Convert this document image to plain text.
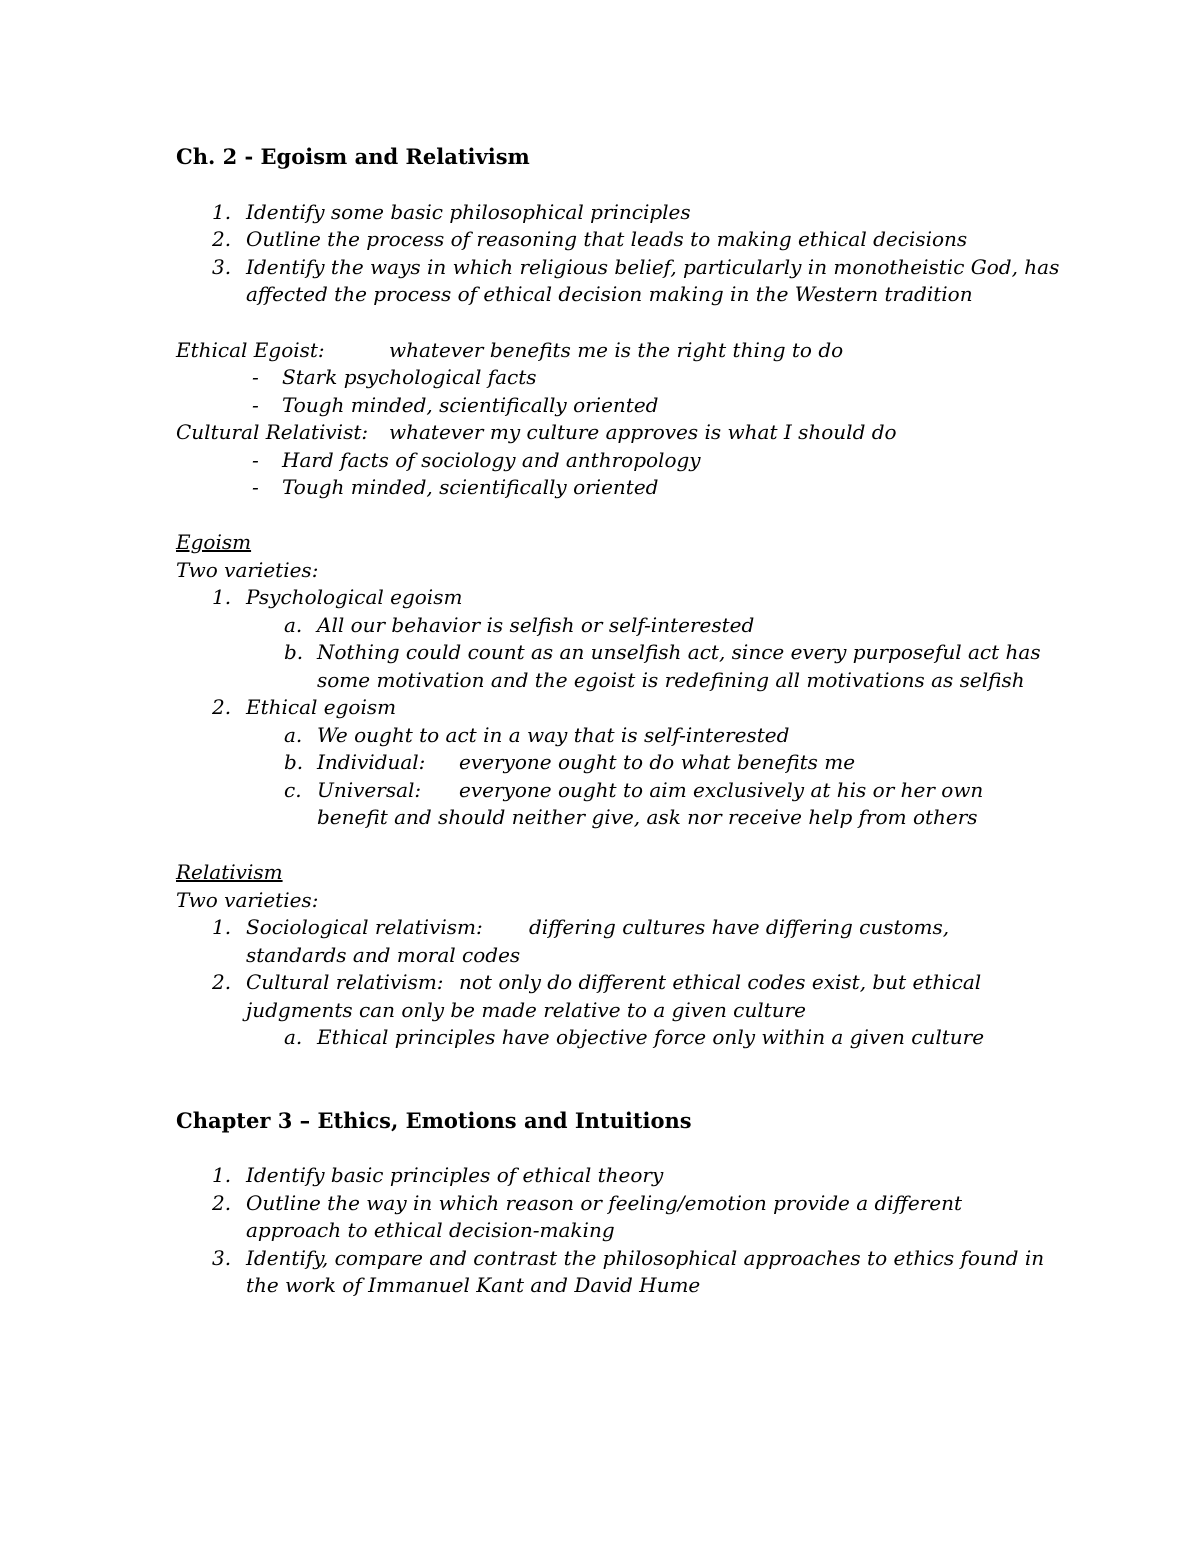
Ch. 2 - Egoism and Relativism
1. Identify some basic philosophical principles
2. Outline the process of reasoning that leads to making ethical decisions
3. Identify the ways in which religious belief, particularly in monotheistic God, has
affected the process of ethical decision making in the Western tradition
Ethical Egoist:	whatever benefits me is the right thing to do
- Stark psychological facts
- Tough minded, scientifically oriented
Cultural Relativist: whatever my culture approves is what I should do
- Hard facts of sociology and anthropology
- Tough minded, scientifically oriented
Egoism
Two varieties:
1. Psychological egoism
a. All our behavior is selfish or self-interested
b. Nothing could count as an unselfish act, since every purposeful act has
some motivation and the egoist is redefining all motivations as selfish
2. Ethical egoism
a. We ought to act in a way that is self-interested
b. Individual: everyone ought to do what benefits me
c. Universal: everyone ought to aim exclusively at his or her own
benefit and should neither give, ask nor receive help from others
Relativism
Two varieties:
1. Sociological relativism: differing cultures have differing customs,
standards and moral codes
2. Cultural relativism: not only do different ethical codes exist, but ethical
judgments can only be made relative to a given culture
a. Ethical principles have objective force only within a given culture
Chapter 3 – Ethics, Emotions and Intuitions
1. Identify basic principles of ethical theory
2. Outline the way in which reason or feeling/emotion provide a different
approach to ethical decision-making
3. Identify, compare and contrast the philosophical approaches to ethics found in
the work of Immanuel Kant and David Hume
